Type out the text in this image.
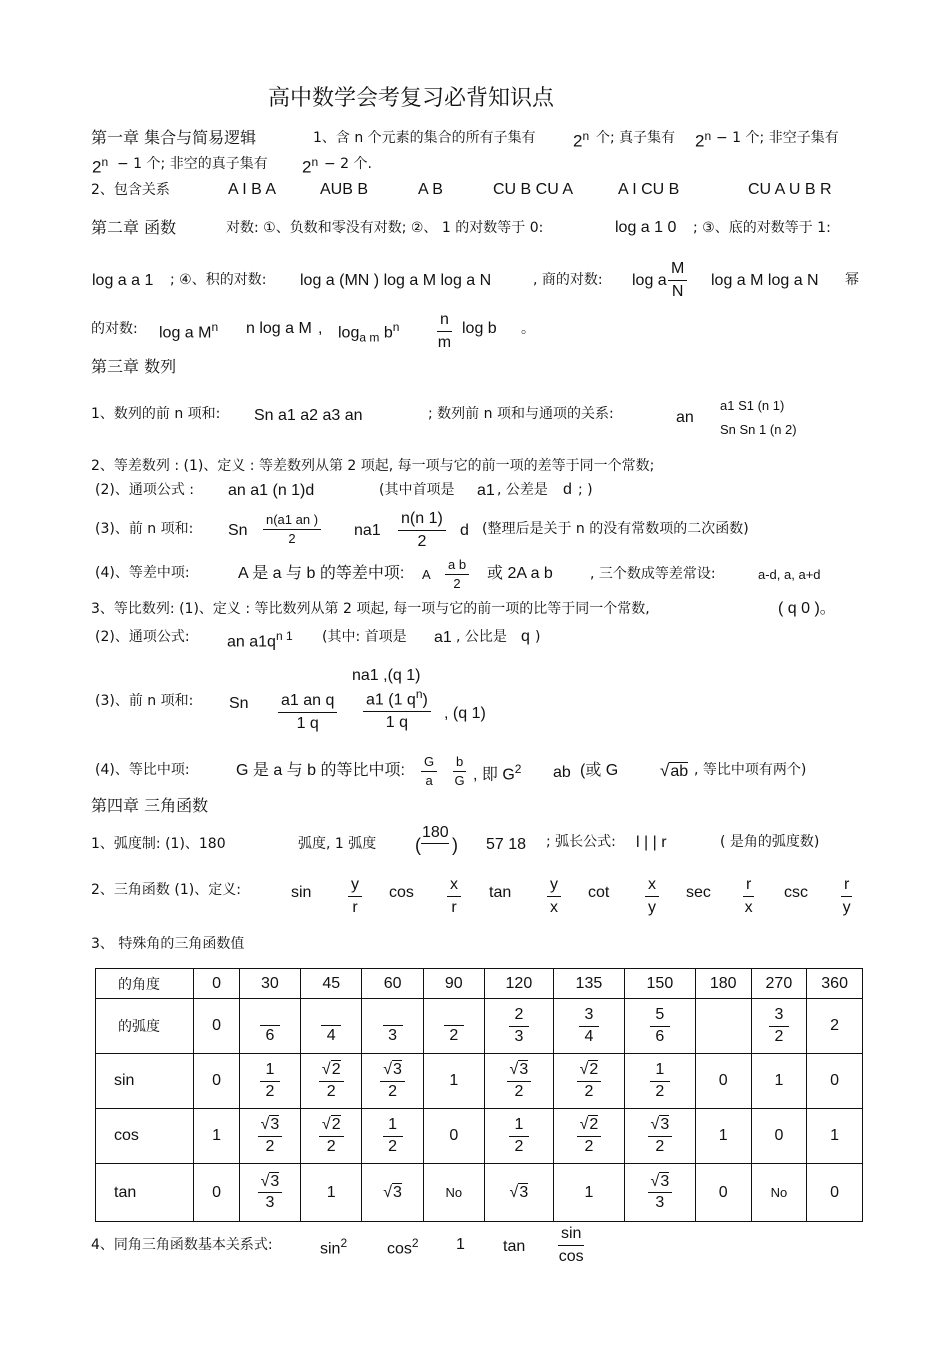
高中数学会考复习必背知识点
第一章 集合与简易逻辑	1、含 n 个元素的集合的所有子集有 2$^n$ 个; 真子集有 $2^n - 1$ 个; 非空子集有
$2^n - 1$ 个; 非空的真子集有 $2^n - 2$ 个.
2、包含关系	A I B A	AUB B	A B	CU B CU A	A I CU B	CU A U B R
第二章 函数	对数: ①、负数和零没有对数; ②、 1 的对数等于 0:	log a 1 0 ; ③、底的对数等于 1:
log a a 1 ; ④、积的对数: log a (MN ) log a M log a N	, 商的对数: log a
M
N
log a M log a N 幂
的对数: log a $M^n$ n log a M , $\log_{a m} b^n$	n
m
log b 。
第三章 数列
1、数列的前 n 项和: Sn a1 a2 a3 an	; 数列前 n 项和与通项的关系:	an
a1 S1 (n 1)
Sn Sn 1 (n 2)
2、等差数列 : (1)、定义 : 等差数列从第 2 项起, 每一项与它的前一项的差等于同一个常数;
(2)、通项公式 : an a1 (n 1)d	(其中首项是 a1 , 公差是 d ; )
(3)、前 n 项和: Sn
n(a1 an )
2	na1
n(n 1)
2
d (整理后是关于 n 的没有常数项的二次函数)
(4)、等差中项:	A 是 a 与 b 的等差中项: A
a b
2
或 2A a b	, 三个数成等差常设:	a-d, a, a+d
3、等比数列: (1)、定义 : 等比数列从第 2 项起, 每一项与它的前一项的比等于同一个常数,	( q 0 )。
(2)、通项公式: an $a1q^{n 1}$ (其中: 首项是 a1 , 公比是 q )
na1 ,(q 1)
(3)、前 n 项和: Sn a1 an q
1 q
a1 (1 $q^n$)
1 q
, (q 1)
(4)、等比中项:	G 是 a 与 b 的等比中项:
G
a
b
G , 即 $G^2$ ab (或 G √ab , 等比中项有两个)
第四章 三角函数
1、弧度制: (1)、180	弧度, 1 弧度 (
180
) 57 18 ; 弧长公式: l | | r	( 是角的弧度数)
2、三角函数 (1)、定义:	sin y
r
cos x
r
tan y
x
cot x
y
sec r
x
csc r
y
3、 特殊角的三角函数值
的角度	0	30	45	60	90	120	135	150	180	270	360
的弧度	0	6	4	3	2	$\frac{2}{3}$	$\frac{3}{4}$	$\frac{5}{6}$		$\frac{3}{2}$	2
sin	0	$\frac{1}{2}$	$\frac{√2}{2}$	$\frac{√3}{2}$	1	$\frac{√3}{2}$	$\frac{√2}{2}$	$\frac{1}{2}$	0	1	0
cos	1	$\frac{√3}{2}$	$\frac{√2}{2}$	$\frac{1}{2}$	0	$\frac{1}{2}$	$\frac{√2}{2}$	$\frac{√3}{2}$	1	0	1
tan	0	$\frac{√3}{3}$	1	√3	No	√3	1	$\frac{√3}{3}$	0	No	0
4、同角三角函数基本关系式:	$\sin^2 \cos^2 1$ tan
sin
cos
